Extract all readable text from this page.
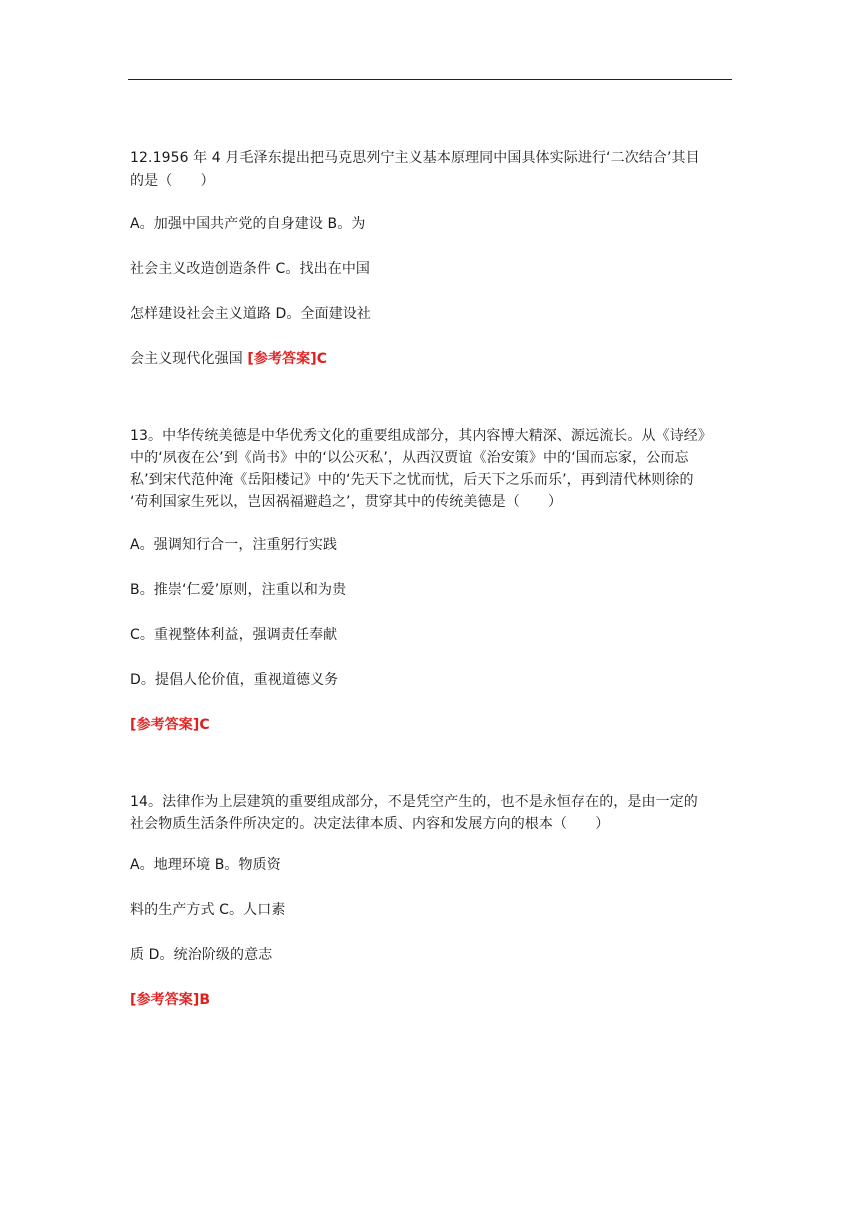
12.1956 年 4 月毛泽东提出把马克思列宁主义基本原理同中国具体实际进行‘二次结合’其目
的是（　　）
A。加强中国共产党的自身建设 B。为
社会主义改造创造条件 C。找出在中国
怎样建设社会主义道路 D。全面建设社
会主义现代化强国 [参考答案]C
13。中华传统美德是中华优秀文化的重要组成部分，其内容博大精深、源远流长。从《诗经》
中的‘夙夜在公’到《尚书》中的‘以公灭私’，从西汉贾谊《治安策》中的‘国而忘家，公而忘
私’到宋代范仲淹《岳阳楼记》中的‘先天下之忧而忧，后天下之乐而乐’，再到清代林则徐的
‘苟利国家生死以，岂因祸福避趋之’，贯穿其中的传统美德是（　　）
A。强调知行合一，注重躬行实践
B。推崇‘仁爱’原则，注重以和为贵
C。重视整体利益，强调责任奉献
D。提倡人伦价值，重视道德义务
[参考答案]C
14。法律作为上层建筑的重要组成部分，不是凭空产生的，也不是永恒存在的，是由一定的
社会物质生活条件所决定的。决定法律本质、内容和发展方向的根本（　　）
A。地理环境 B。物质资
料的生产方式 C。人口素
质 D。统治阶级的意志
[参考答案]B
